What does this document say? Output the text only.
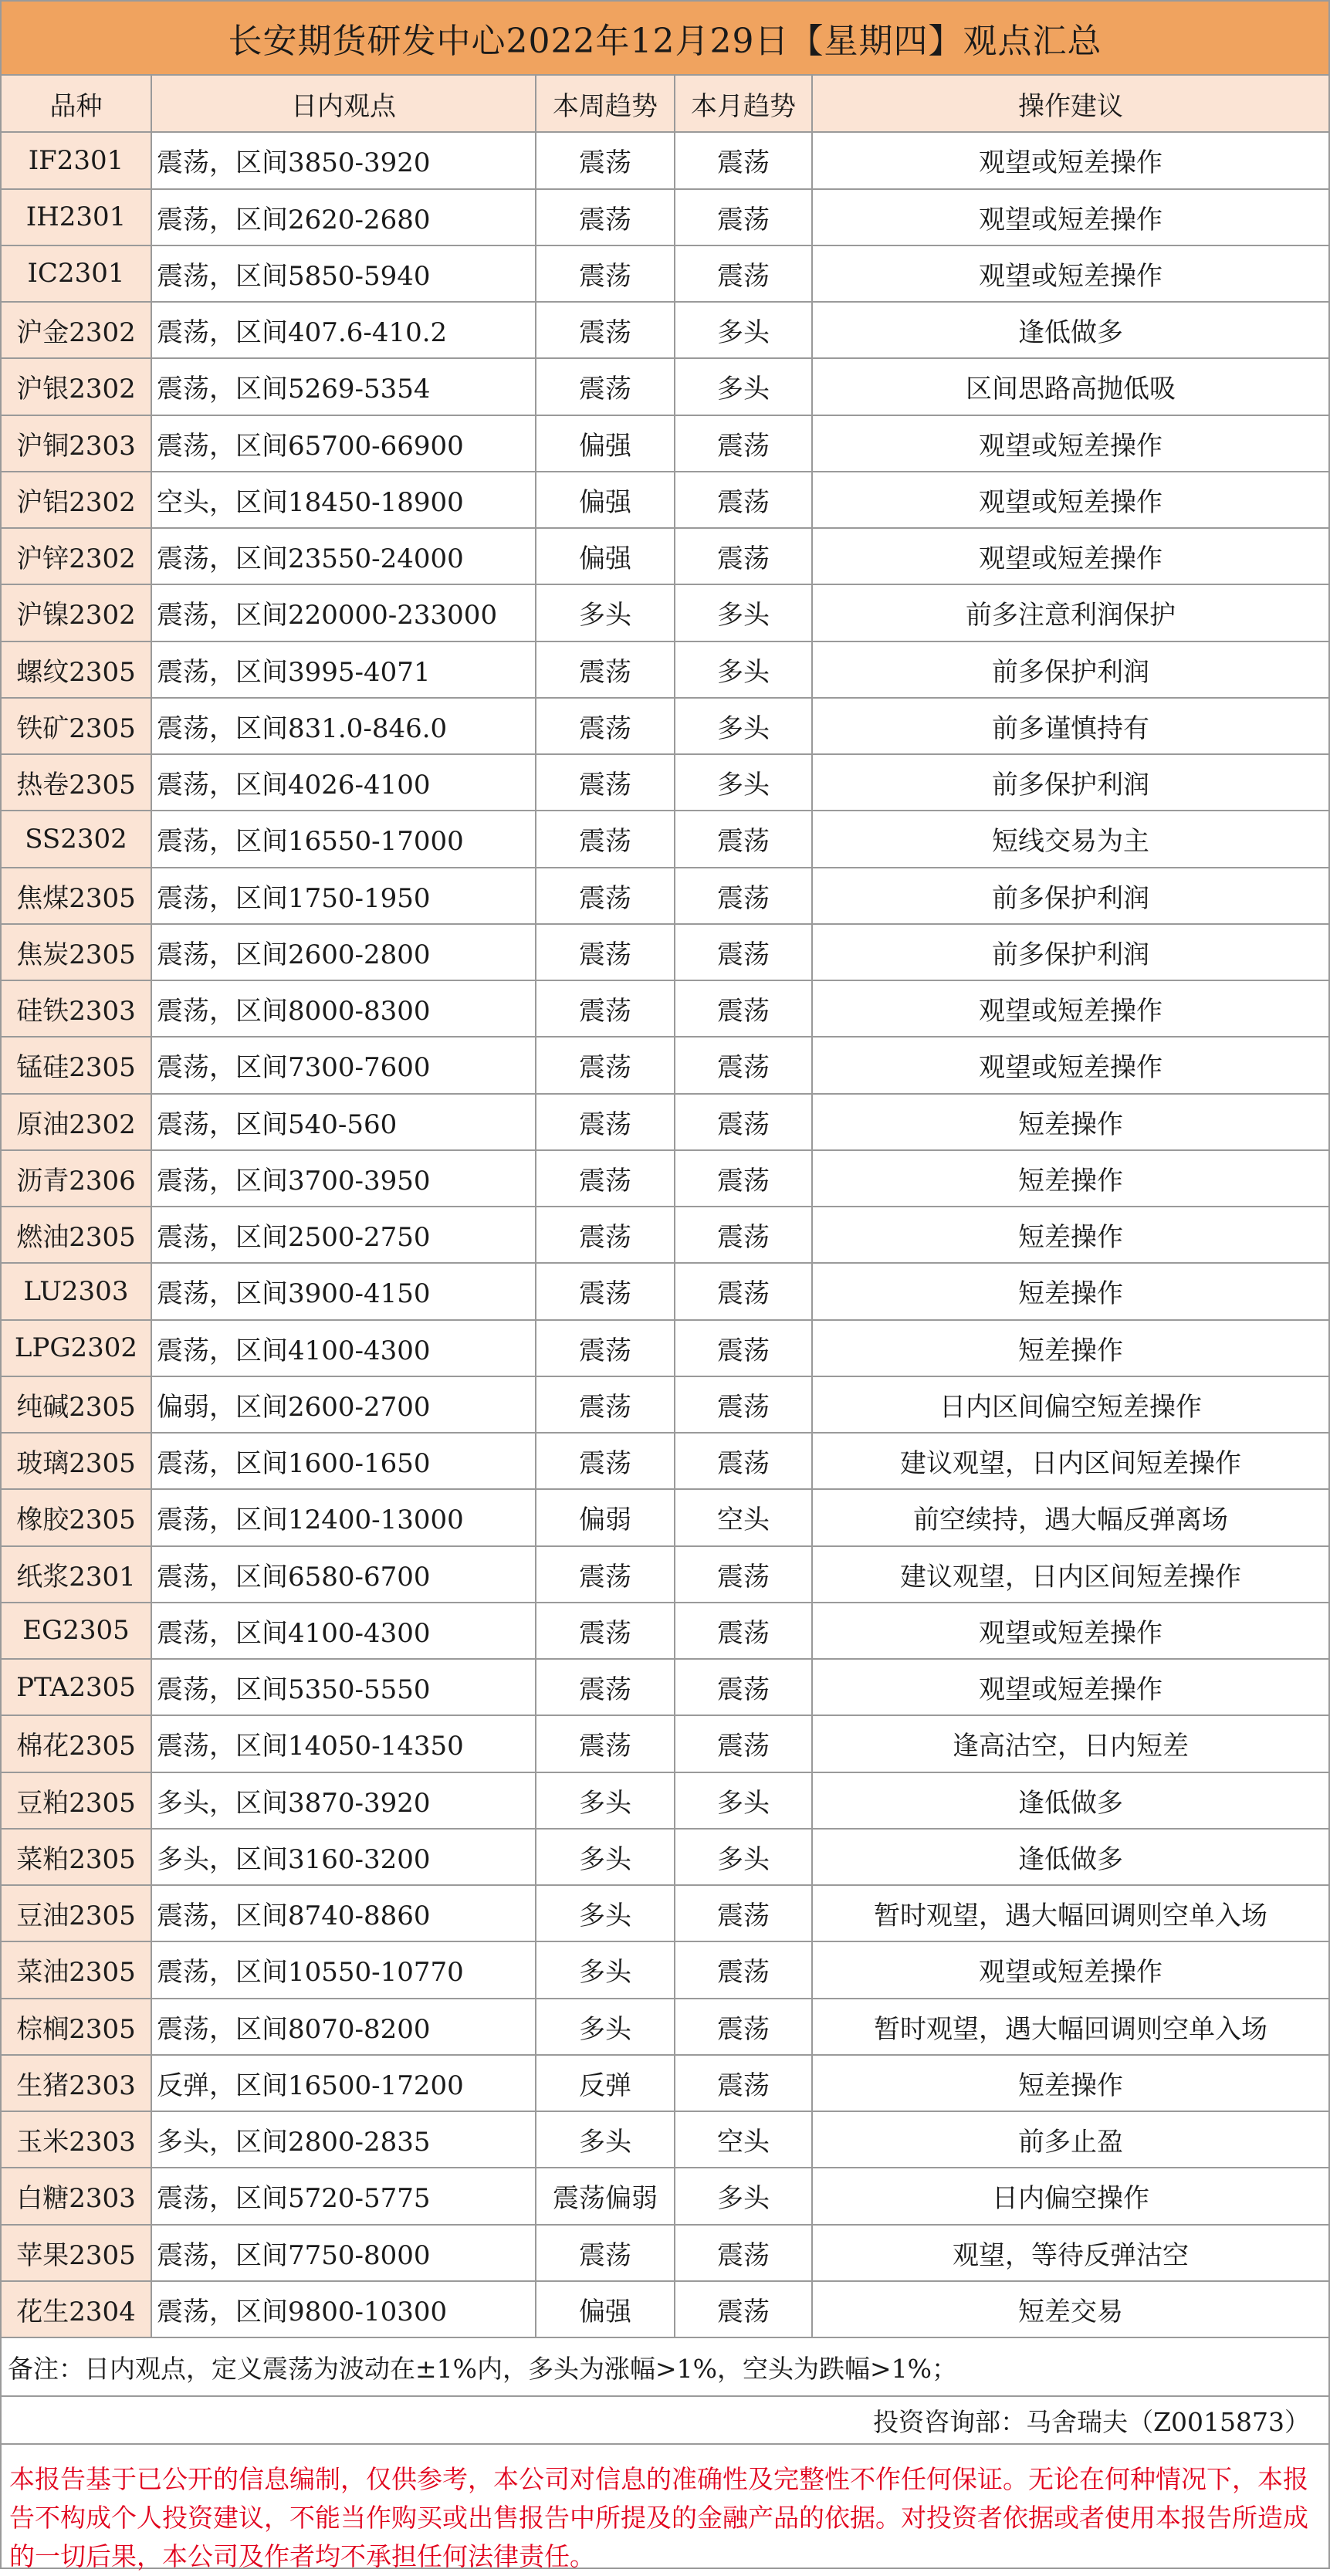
长安期货研发中心2022年12月29日【星期四】观点汇总
品种	日内观点	本周趋势	本月趋势	操作建议
IF2301	震荡，区间3850-3920	震荡	震荡	观望或短差操作
IH2301	震荡，区间2620-2680	震荡	震荡	观望或短差操作
IC2301	震荡，区间5850-5940	震荡	震荡	观望或短差操作
沪金2302	震荡，区间407.6-410.2	震荡	多头	逢低做多
沪银2302	震荡，区间5269-5354	震荡	多头	区间思路高抛低吸
沪铜2303	震荡，区间65700-66900	偏强	震荡	观望或短差操作
沪铝2302	空头，区间18450-18900	偏强	震荡	观望或短差操作
沪锌2302	震荡，区间23550-24000	偏强	震荡	观望或短差操作
沪镍2302	震荡，区间220000-233000	多头	多头	前多注意利润保护
螺纹2305	震荡，区间3995-4071	震荡	多头	前多保护利润
铁矿2305	震荡，区间831.0-846.0	震荡	多头	前多谨慎持有
热卷2305	震荡，区间4026-4100	震荡	多头	前多保护利润
SS2302	震荡，区间16550-17000	震荡	震荡	短线交易为主
焦煤2305	震荡，区间1750-1950	震荡	震荡	前多保护利润
焦炭2305	震荡，区间2600-2800	震荡	震荡	前多保护利润
硅铁2303	震荡，区间8000-8300	震荡	震荡	观望或短差操作
锰硅2305	震荡，区间7300-7600	震荡	震荡	观望或短差操作
原油2302	震荡，区间540-560	震荡	震荡	短差操作
沥青2306	震荡，区间3700-3950	震荡	震荡	短差操作
燃油2305	震荡，区间2500-2750	震荡	震荡	短差操作
LU2303	震荡，区间3900-4150	震荡	震荡	短差操作
LPG2302	震荡，区间4100-4300	震荡	震荡	短差操作
纯碱2305	偏弱，区间2600-2700	震荡	震荡	日内区间偏空短差操作
玻璃2305	震荡，区间1600-1650	震荡	震荡	建议观望，日内区间短差操作
橡胶2305	震荡，区间12400-13000	偏弱	空头	前空续持，遇大幅反弹离场
纸浆2301	震荡，区间6580-6700	震荡	震荡	建议观望，日内区间短差操作
EG2305	震荡，区间4100-4300	震荡	震荡	观望或短差操作
PTA2305	震荡，区间5350-5550	震荡	震荡	观望或短差操作
棉花2305	震荡，区间14050-14350	震荡	震荡	逢高沽空，日内短差
豆粕2305	多头，区间3870-3920	多头	多头	逢低做多
菜粕2305	多头，区间3160-3200	多头	多头	逢低做多
豆油2305	震荡，区间8740-8860	多头	震荡	暂时观望，遇大幅回调则空单入场
菜油2305	震荡，区间10550-10770	多头	震荡	观望或短差操作
棕榈2305	震荡，区间8070-8200	多头	震荡	暂时观望，遇大幅回调则空单入场
生猪2303	反弹，区间16500-17200	反弹	震荡	短差操作
玉米2303	多头，区间2800-2835	多头	空头	前多止盈
白糖2303	震荡，区间5720-5775	震荡偏弱	多头	日内偏空操作
苹果2305	震荡，区间7750-8000	震荡	震荡	观望，等待反弹沽空
花生2304	震荡，区间9800-10300	偏强	震荡	短差交易
备注：日内观点，定义震荡为波动在±1%内，多头为涨幅>1%，空头为跌幅>1%；
投资咨询部：马舍瑞夫（Z0015873）
本报告基于已公开的信息编制，仅供参考，本公司对信息的准确性及完整性不作任何保证。无论在何种情况下，本报告不构成个人投资建议，不能当作购买或出售报告中所提及的金融产品的依据。对投资者依据或者使用本报告所造成的一切后果，本公司及作者均不承担任何法律责任。
